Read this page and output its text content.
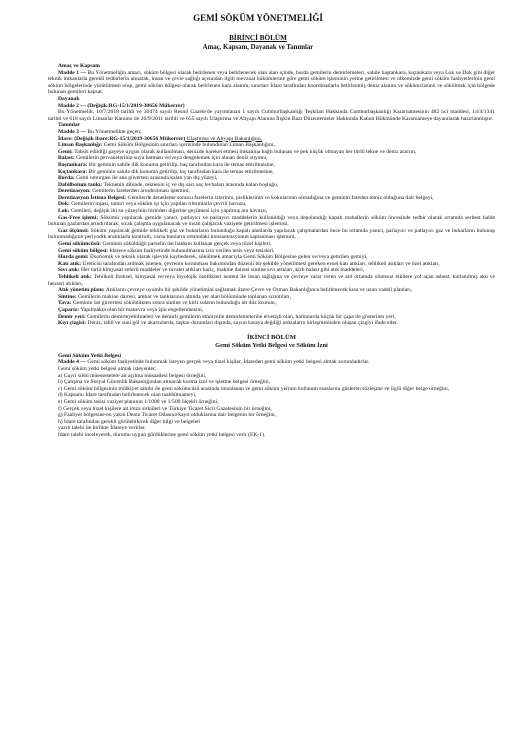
GEMİ SÖKÜM YÖNETMELİĞİ
BİRİNCİ BÖLÜM
Amaç, Kapsam, Dayanak ve Tanımlar

Amaç ve Kapsam

Madde 1 — Bu Yönetmeliğin amacı, söküm bölgesi olarak belirlenen veya belirlenecek olan alan içinde, hurda gemilerin demirlemeleri, sahile baştankara, kıçtankara veya Lok ve Dok gibi diğer teknik imkanlarla gerekli tedbirlerin alınarak, insan ve çevre sağlığı açısından ilgili mevzuat hükümlerine göre gemi söküm işleminin yerine getirilmesi ve ülkemizde gemi söküm faaliyetlerinin gemi söküm bölgelerinde yürütülmesi olup, gemi söküm bölgesi olarak belirlenen kara alanını, sınırları İdare tarafından koordinatlarla belirlenmiş deniz alanını ve sökümcüsünü ve sökülmek için bölgede bulunan gemileri kapsar.

Dayanak

Madde 2 — (Değişik:RG-15/1/2019-30656 Mükerrer)

Bu Yönetmelik, 10/7/2018 tarihli ve 30474 sayılı Resmî Gazete'de yayımlanan 1 sayılı Cumhurbaşkanlığı Teşkilatı Hakkında Cumhurbaşkanlığı Kararnamesinin 482 nci maddesi, 14/4/1341 tarihli ve 618 sayılı Limanlar Kanunu ile 26/9/2011 tarihli ve 655 sayılı Ulaştırma ve Altyapı Alanına İlişkin Bazı Düzenlemeler Hakkında Kanun Hükmünde Kararnameye dayanılarak hazırlanmıştır.

Tanımlar

Madde 3 — Bu Yönetmelikte geçen;

İdare: (Değişik ibare:RG-15/1/2019-30656 Mükerrer) Ulaştırma ve Altyapı Bakanlığını,

Liman Başkanlığı: Gemi Söküm Bölgesinin sınırları içerisinde bulunduran Liman Başkanlığını,

Gemi: Tahsis edildiği gayeye uygun olarak kullanılması, denizde hareket etmesi imkanına bağlı bulunan ve pek küçük olmayan her türlü tekne ve deniz aracını,

Balast: Gemilerin pervanelerinin suya batması ve/veya dengelemek için alınan deniz suyunu,

Baştankara: Bir geminin sahile dik konuma getirilip, baş tarafından kara ile temas ettirilmesine,

Kıçtankara: Bir geminin sahile dik konuma getirilip, kıç tarafından kara ile temas ettirilmesine,

Borda: Gemi omurgası ile ana güvertesi arasında kalan yan dış yüzeyi,

Dabilbotum tankı: Teknenin dibinde, teknenin iç ve dış sacı saç levhaları arasında kalan boşluğu,

Deretizasyon: Gemilerin farelerden arındırılması işlemini,

Deretizasyon İstisna Belgesi: Gemilerde denetleme sonucu farelerin izlerinin, pisliklerinin ve kokularının olmadığına ve geminin fareden temiz olduğuna dair belgeyi,

Dok: Gemilerin inşası, tamiri veya söküm işi için yapılan rıhtımlarla çevrili havuzu,

Lok: Gemileri, değişik iki su yüzeyinin birinden diğerine geçilmesi için yapılmış ara havuzu,

Gas-Free işlemi: Sökümü yapılacak gemide yanıcı, patlayıcı ve parlayıcı maddelerin kullanıldığı veya depolandığı kapalı mahallerin söküm öncesinde tedbir olarak ortamda serbest halde bulunan gazlardan arındırılarak, sıcak çalışma uygulanacak ve insan çalışacak vaziyete getirilmesi işlemini,

Gaz ölçümü: Söküm yapılacak gemide tehlikeli gaz ve buharların bulunduğu kapalı alanlarda yapılacak çalışmalardan önce bu ortamda yanıcı, parlayıcı ve patlayıcı gaz ve buharların bulunup bulunmadığının periyodik aralıklarla kontrolü, varsa bunların ortamdaki konsantrasyonun saptanması işlemini,

Gemi sökümcüsü: Geminin söküldüğü parselin üst hakkını kullanan gerçek veya tüzel kişileri,

Gemi söküm bölgesi: İdarece söküm faaliyetinde bulunulmasına izin verilen tesis veya tesisleri,

Hurda gemi: Ekonomik ve teknik olarak işlevini kaybederek, sökülmek amacıyla Gemi Söküm Bölgesine gelen ve/veya getirilen gemiyi,

Katı atık: Üreticisi tarafından atılmak istenen, çevrenin korunması bakımından düzenli bir şekilde yönetilmesi gereken evsel katı atıkları, tehlikeli atıkları ve özel atıkları,

Sıvı atık: Her türlü kimyasal zehirli maddeler ve tuvalet atıkları hariç, makine dairesi sintine sıvı atıkları, kirli balast gibi atık maddeleri,

Tehlikeli atık: Tehlikeli fiziksel, kimyasal ve/veya biyolojik özellikleri nedeni ile insan sağlığına ve çevreye zarar veren ve atıl ortamda olumsuz etkilere yol açan asbest, kullanılmış akü ve benzeri atıkları,

Atık yönetim planı: Atıkların çevreye uyumlu bir şekilde yönetimini sağlamak üzere Çevre ve Orman Bakanlığınca belirlenecek kısa ve uzun vadeli planları,

Sintine: Gemilerin makine dairesi, ambar ve tanklarının altında yer alan bölümünde toplanan sızıntıları,

Tava: Geminin üst güvertesi söküldükten sonra sintine ve kirli suların bulunduğu alt düz kısmını,

Çapariz: Yapılmakta olan bir manevra veya işin engellenmesini,

Demir yeri: Gemilerin demirleyebilmeleri ve demirli gemilerin emniyetle demirlemelerine elverişli olan, haritalarda küçük bir çapa ile gösterilen yeri,

Kıyı çizgisi: Deniz, tabii ve suni göl ve akarsularda, taşkın durumları dışında, suyun karaya değdiği noktaların birleşmesinden oluşan çizgiyi ifade eder.

İKİNCİ BÖLÜM
Gemi Söküm Yetki Belgesi ve Söküm İzni

Gemi Söküm Yetki Belgesi

Madde 4 — Gemi söküm faaliyetinde bulunmak isteyen gerçek veya tüzel kişiler, İdareden gemi söküm yetki belgesi almak zorundadırlar.

Gemi söküm yetki belgesi almak isteyenler;

a) Gayri sıhhi müesseselere ait açılma müsaadesi belgesi örneğini,

b) Çalışma ve Sosyal Güvenlik Bakanlığından alınacak kurma izni ve işletme belgesi örneğini,

c) Gemi söküm bölgesinin mülkiyet sahibi ile gemi sökümcüsü arasında imzalanan ve gemi söküm yerinin kullanım esaslarını gösteren sözleşme ve ilgili diğer belge örneğini,

d) Kapsamı İdare tarafından belirlenecek olan taahhütnameyi,

e) Gemi söküm tesisi vaziyet planının 1/1000 ve 1/500 ölçekli örneğini,

f) Gerçek veya tüzel kişilere ait imza sirküleri ve Türkiye Ticaret Sicil Gazetesinin bir örneğini,

g) Faaliyet bölgesine en yakın Deniz Ticaret Odasına kayıt olduklarına dair belgenin bir örneğini,

h) İdare tarafından gerekli görülebilecek diğer bilgi ve belgeleri

yazılı talebi ile birlikte İdareye verirler.

İdare talebi inceleyerek, durumu uygun gördüklerine gemi söküm yetki belgesi verir (EK-1).
